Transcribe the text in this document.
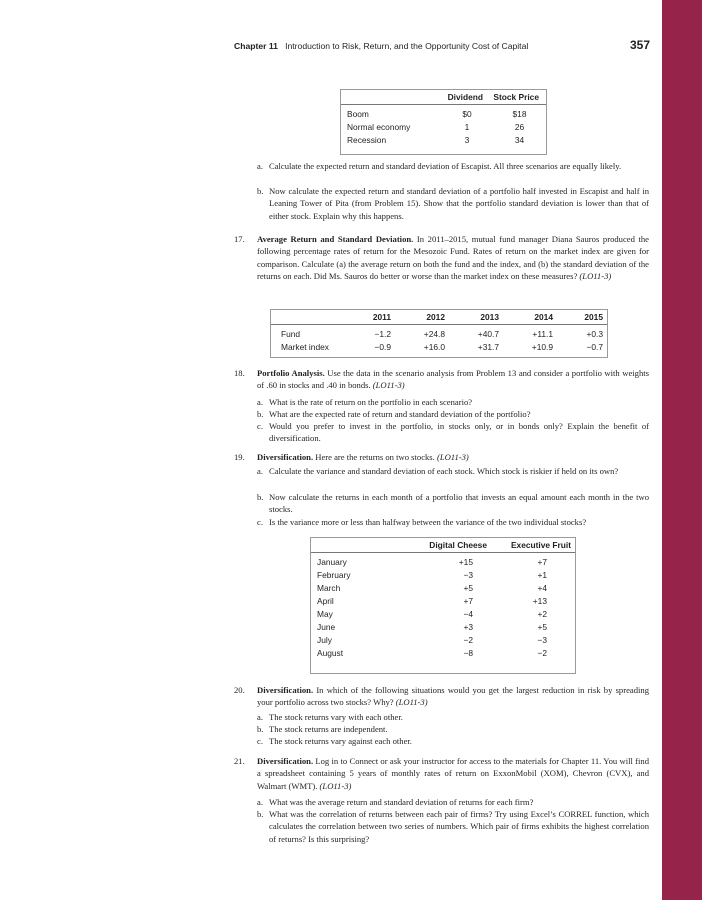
Chapter 11 Introduction to Risk, Return, and the Opportunity Cost of Capital	357
	Dividend	Stock Price
Boom	$0	$18
Normal economy	1	26
Recession	3	34
a. Calculate the expected return and standard deviation of Escapist. All three scenarios are equally likely.
b. Now calculate the expected return and standard deviation of a portfolio half invested in Escapist and half in Leaning Tower of Pita (from Problem 15). Show that the portfolio standard deviation is lower than that of either stock. Explain why this happens.
17. Average Return and Standard Deviation. In 2011–2015, mutual fund manager Diana Sauros produced the following percentage rates of return for the Mesozoic Fund. Rates of return on the market index are given for comparison. Calculate (a) the average return on both the fund and the index, and (b) the standard deviation of the returns on each. Did Ms. Sauros do better or worse than the market index on these measures? (LO11-3)
	2011	2012	2013	2014	2015
Fund	−1.2	+24.8	+40.7	+11.1	+0.3
Market index	−0.9	+16.0	+31.7	+10.9	−0.7
18. Portfolio Analysis. Use the data in the scenario analysis from Problem 13 and consider a portfolio with weights of .60 in stocks and .40 in bonds. (LO11-3)
a. What is the rate of return on the portfolio in each scenario?
b. What are the expected rate of return and standard deviation of the portfolio?
c. Would you prefer to invest in the portfolio, in stocks only, or in bonds only? Explain the benefit of diversification.
19. Diversification. Here are the returns on two stocks. (LO11-3)
a. Calculate the variance and standard deviation of each stock. Which stock is riskier if held on its own?
b. Now calculate the returns in each month of a portfolio that invests an equal amount each month in the two stocks.
c. Is the variance more or less than halfway between the variance of the two individual stocks?
	Digital Cheese	Executive Fruit
January	+15	+7
February	−3	+1
March	+5	+4
April	+7	+13
May	−4	+2
June	+3	+5
July	−2	−3
August	−8	−2
20. Diversification. In which of the following situations would you get the largest reduction in risk by spreading your portfolio across two stocks? Why? (LO11-3)
a. The stock returns vary with each other.
b. The stock returns are independent.
c. The stock returns vary against each other.
21. Diversification. Log in to Connect or ask your instructor for access to the materials for Chapter 11. You will find a spreadsheet containing 5 years of monthly rates of return on ExxonMobil (XOM), Chevron (CVX), and Walmart (WMT). (LO11-3)
a. What was the average return and standard deviation of returns for each firm?
b. What was the correlation of returns between each pair of firms? Try using Excel’s CORREL function, which calculates the correlation between two series of numbers. Which pair of firms exhibits the highest correlation of returns? Is this surprising?
